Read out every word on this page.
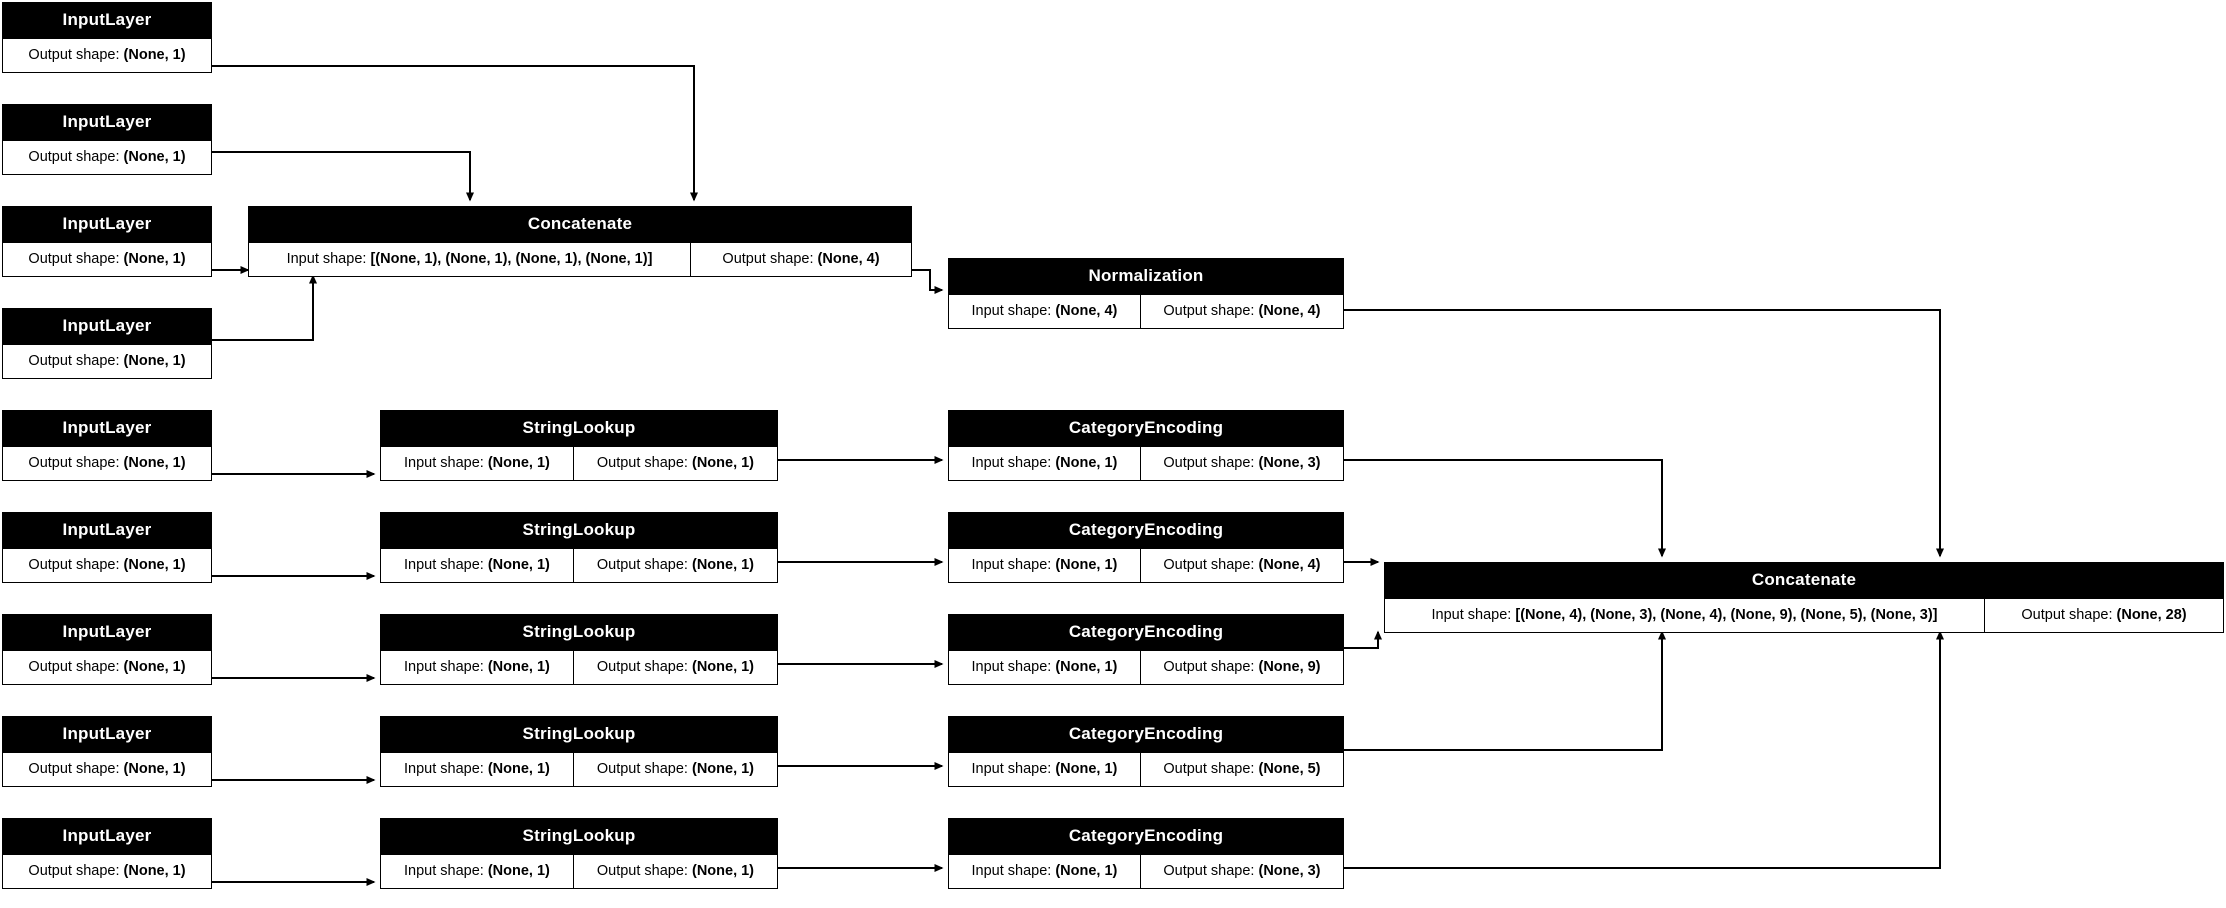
InputLayer
Output shape: (None, 1)
InputLayer
Output shape: (None, 1)
InputLayer
Output shape: (None, 1)
InputLayer
Output shape: (None, 1)
Concatenate
Input shape: [(None, 1), (None, 1), (None, 1), (None, 1)]	Output shape: (None, 4)
Normalization
Input shape: (None, 4)	Output shape: (None, 4)
InputLayer
Output shape: (None, 1)
StringLookup
Input shape: (None, 1)	Output shape: (None, 1)
CategoryEncoding
Input shape: (None, 1)	Output shape: (None, 3)
InputLayer
Output shape: (None, 1)
StringLookup
Input shape: (None, 1)	Output shape: (None, 1)
CategoryEncoding
Input shape: (None, 1)	Output shape: (None, 4)
InputLayer
Output shape: (None, 1)
StringLookup
Input shape: (None, 1)	Output shape: (None, 1)
CategoryEncoding
Input shape: (None, 1)	Output shape: (None, 9)
InputLayer
Output shape: (None, 1)
StringLookup
Input shape: (None, 1)	Output shape: (None, 1)
CategoryEncoding
Input shape: (None, 1)	Output shape: (None, 5)
InputLayer
Output shape: (None, 1)
StringLookup
Input shape: (None, 1)	Output shape: (None, 1)
CategoryEncoding
Input shape: (None, 1)	Output shape: (None, 3)
Concatenate
Input shape: [(None, 4), (None, 3), (None, 4), (None, 9), (None, 5), (None, 3)]	Output shape: (None, 28)
